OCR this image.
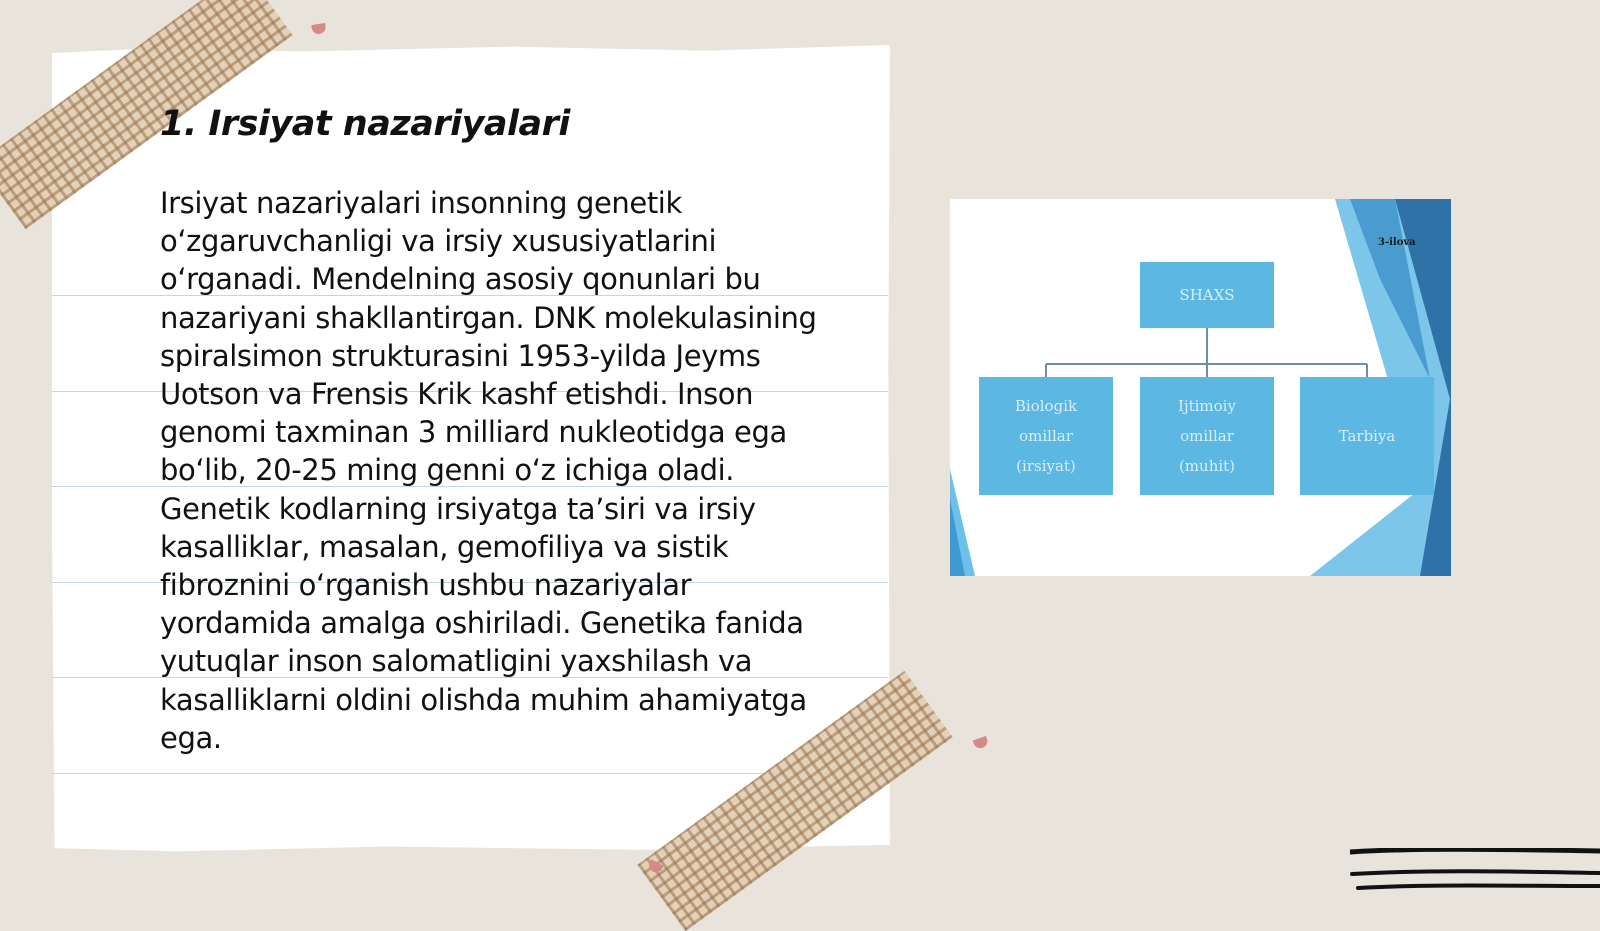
1. Irsiyat nazariyalari

Irsiyat nazariyalari insonning genetik oʻzgaruvchanligi va irsiy xususiyatlarini oʻrganadi. Mendelning asosiy qonunlari bu nazariyani shakllantirgan. DNK molekulasining spiralsimon strukturasini 1953-yilda Jeyms Uotson va Frensis Krik kashf etishdi. Inson genomi taxminan 3 milliard nukleotidga ega boʻlib, 20-25 ming genni oʻz ichiga oladi. Genetik kodlarning irsiyatga taʼsiri va irsiy kasalliklar, masalan, gemofiliya va sistik fibroznini oʻrganish ushbu nazariyalar yordamida amalga oshiriladi. Genetika fanida yutuqlar inson salomatligini yaxshilash va kasalliklarni oldini olishda muhim ahamiyatga ega.

3-ilova
SHAXS
Biologik
omillar
(irsiyat)
Ijtimoiy
omillar
(muhit)
Tarbiya
